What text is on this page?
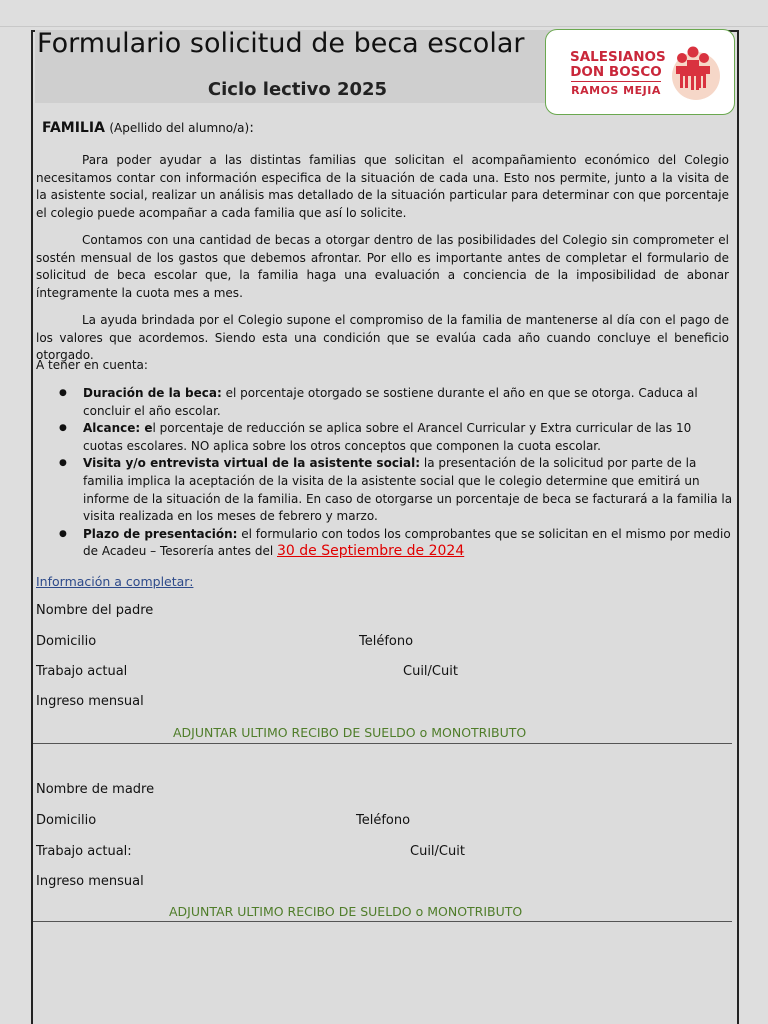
Formulario solicitud de beca escolar
Ciclo lectivo 2025
SALESIANOS
DON BOSCO
RAMOS MEJIA
FAMILIA (Apellido del alumno/a):

Para poder ayudar a las distintas familias que solicitan el acompañamiento económico del Colegio necesitamos contar con información especifica de la situación de cada una. Esto nos permite, junto a la visita de la asistente social, realizar un análisis mas detallado de la situación particular para determinar con que porcentaje el colegio puede acompañar a cada familia que así lo solicite.

Contamos con una cantidad de becas a otorgar dentro de las posibilidades del Colegio sin comprometer el sostén mensual de los gastos que debemos afrontar. Por ello es importante antes de completar el formulario de solicitud de beca escolar que, la familia haga una evaluación a conciencia de la imposibilidad de abonar íntegramente la cuota mes a mes.

La ayuda brindada por el Colegio supone el compromiso de la familia de mantenerse al día con el pago de los valores que acordemos. Siendo esta una condición que se evalúa cada año cuando concluye el beneficio otorgado.

A tener en cuenta:
● Duración de la beca: el porcentaje otorgado se sostiene durante el año en que se otorga. Caduca al concluir el año escolar.
● Alcance: el porcentaje de reducción se aplica sobre el Arancel Curricular y Extra curricular de las 10 cuotas escolares. NO aplica sobre los otros conceptos que componen la cuota escolar.
● Visita y/o entrevista virtual de la asistente social: la presentación de la solicitud por parte de la familia implica la aceptación de la visita de la asistente social que le colegio determine que emitirá un informe de la situación de la familia. En caso de otorgarse un porcentaje de beca se facturará a la familia la visita realizada en los meses de febrero y marzo.
● Plazo de presentación: el formulario con todos los comprobantes que se solicitan en el mismo por medio de Acadeu – Tesorería antes del 30 de Septiembre de 2024
Información a completar:
Nombre del padre
Domicilio	Teléfono
Trabajo actual	Cuil/Cuit
Ingreso mensual
ADJUNTAR ULTIMO RECIBO DE SUELDO o MONOTRIBUTO
Nombre de madre
Domicilio	Teléfono
Trabajo actual:	Cuil/Cuit
Ingreso mensual
ADJUNTAR ULTIMO RECIBO DE SUELDO o MONOTRIBUTO
